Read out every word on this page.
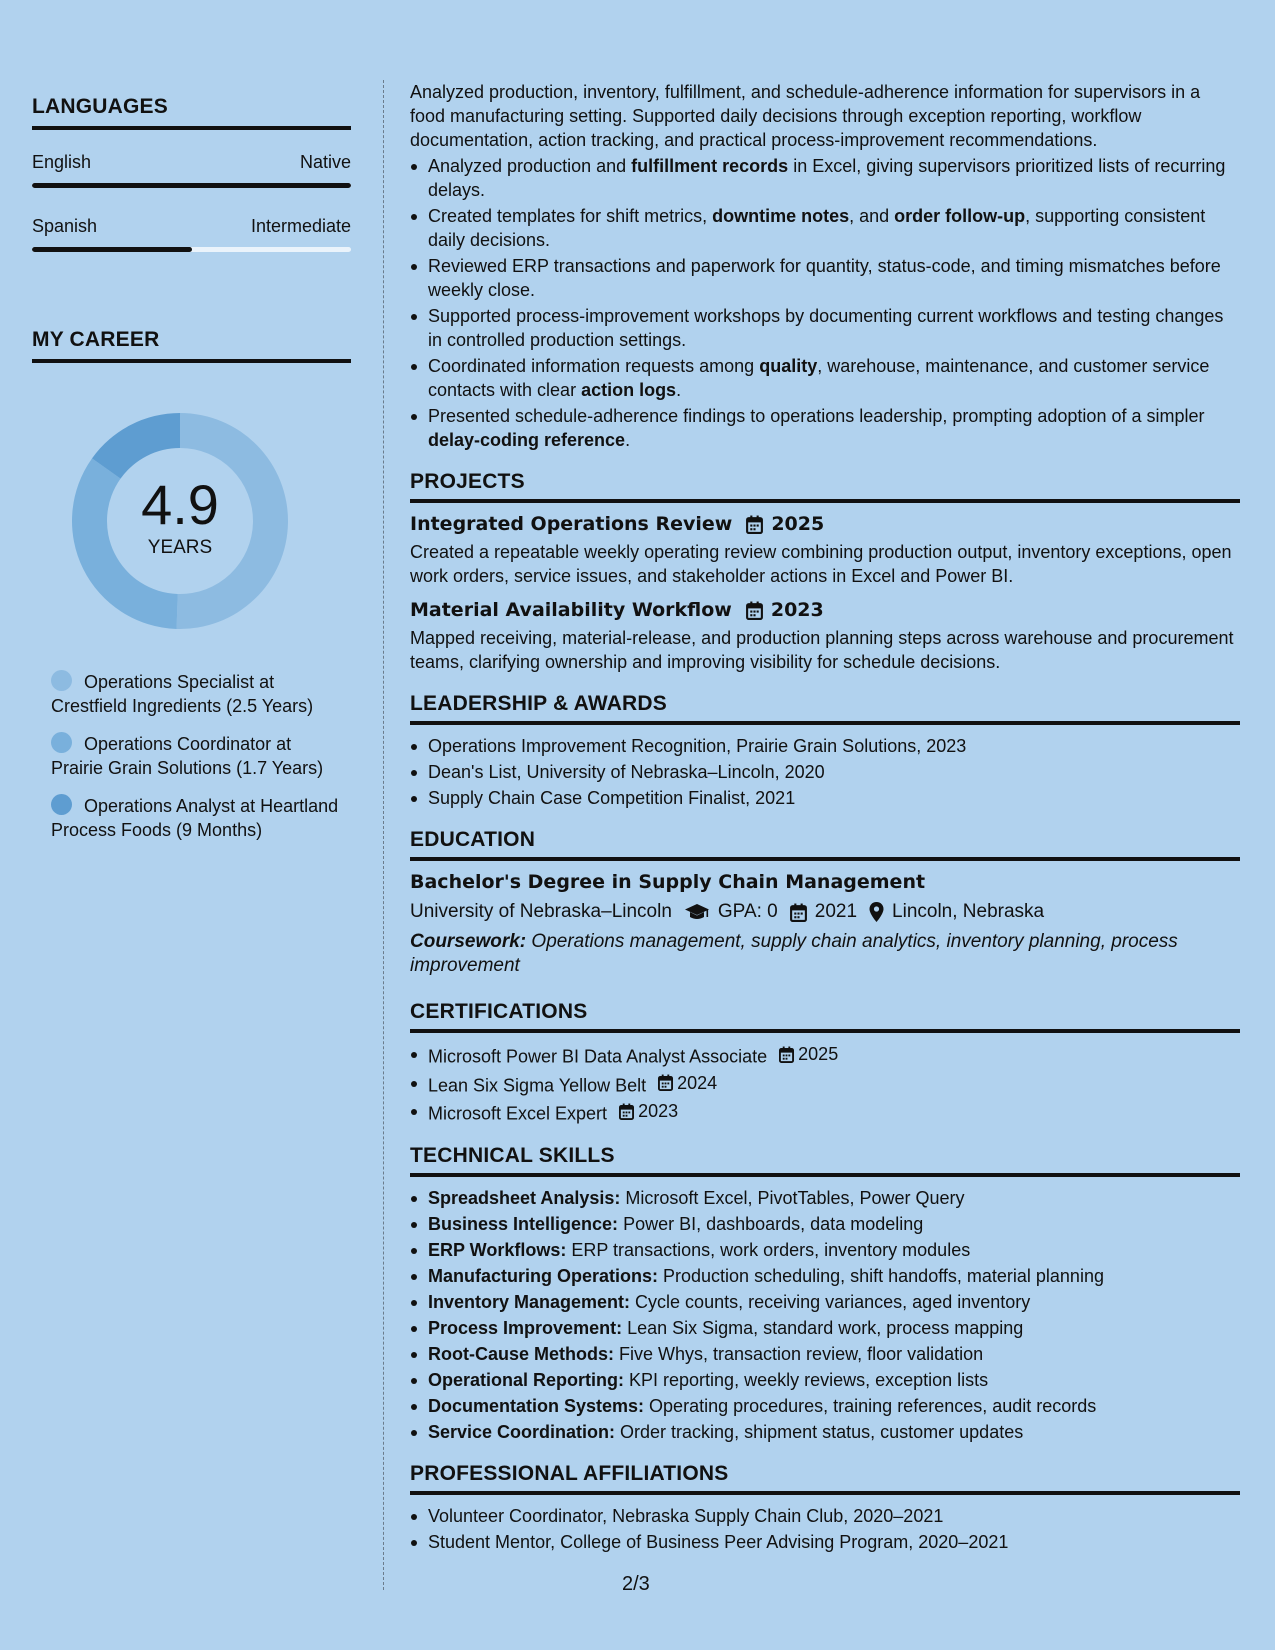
LANGUAGES
English	Native
Spanish	Intermediate
MY CAREER
4.9
YEARS
Operations Specialist at Crestfield Ingredients (2.5 Years)
Operations Coordinator at Prairie Grain Solutions (1.7 Years)
Operations Analyst at Heartland Process Foods (9 Months)

Analyzed production, inventory, fulfillment, and schedule-adherence information for supervisors in a food manufacturing setting. Supported daily decisions through exception reporting, workflow documentation, action tracking, and practical process-improvement recommendations.

Analyzed production and fulfillment records in Excel, giving supervisors prioritized lists of recurring delays.
Created templates for shift metrics, downtime notes, and order follow-up, supporting consistent daily decisions.
Reviewed ERP transactions and paperwork for quantity, status-code, and timing mismatches before weekly close.
Supported process-improvement workshops by documenting current workflows and testing changes in controlled production settings.
Coordinated information requests among quality, warehouse, maintenance, and customer service contacts with clear action logs.
Presented schedule-adherence findings to operations leadership, prompting adoption of a simpler delay-coding reference.
PROJECTS
Integrated Operations Review 2025

Created a repeatable weekly operating review combining production output, inventory exceptions, open work orders, service issues, and stakeholder actions in Excel and Power BI.

Material Availability Workflow 2023

Mapped receiving, material-release, and production planning steps across warehouse and procurement teams, clarifying ownership and improving visibility for schedule decisions.

LEADERSHIP & AWARDS
Operations Improvement Recognition, Prairie Grain Solutions, 2023
Dean's List, University of Nebraska–Lincoln, 2020
Supply Chain Case Competition Finalist, 2021
EDUCATION
Bachelor's Degree in Supply Chain Management
University of Nebraska–Lincoln GPA: 0 2021 Lincoln, Nebraska

Coursework: Operations management, supply chain analytics, inventory planning, process improvement

CERTIFICATIONS
Microsoft Power BI Data Analyst Associate 2025
Lean Six Sigma Yellow Belt 2024
Microsoft Excel Expert 2023
TECHNICAL SKILLS
Spreadsheet Analysis: Microsoft Excel, PivotTables, Power Query
Business Intelligence: Power BI, dashboards, data modeling
ERP Workflows: ERP transactions, work orders, inventory modules
Manufacturing Operations: Production scheduling, shift handoffs, material planning
Inventory Management: Cycle counts, receiving variances, aged inventory
Process Improvement: Lean Six Sigma, standard work, process mapping
Root-Cause Methods: Five Whys, transaction review, floor validation
Operational Reporting: KPI reporting, weekly reviews, exception lists
Documentation Systems: Operating procedures, training references, audit records
Service Coordination: Order tracking, shipment status, customer updates
PROFESSIONAL AFFILIATIONS
Volunteer Coordinator, Nebraska Supply Chain Club, 2020–2021
Student Mentor, College of Business Peer Advising Program, 2020–2021
2/3
